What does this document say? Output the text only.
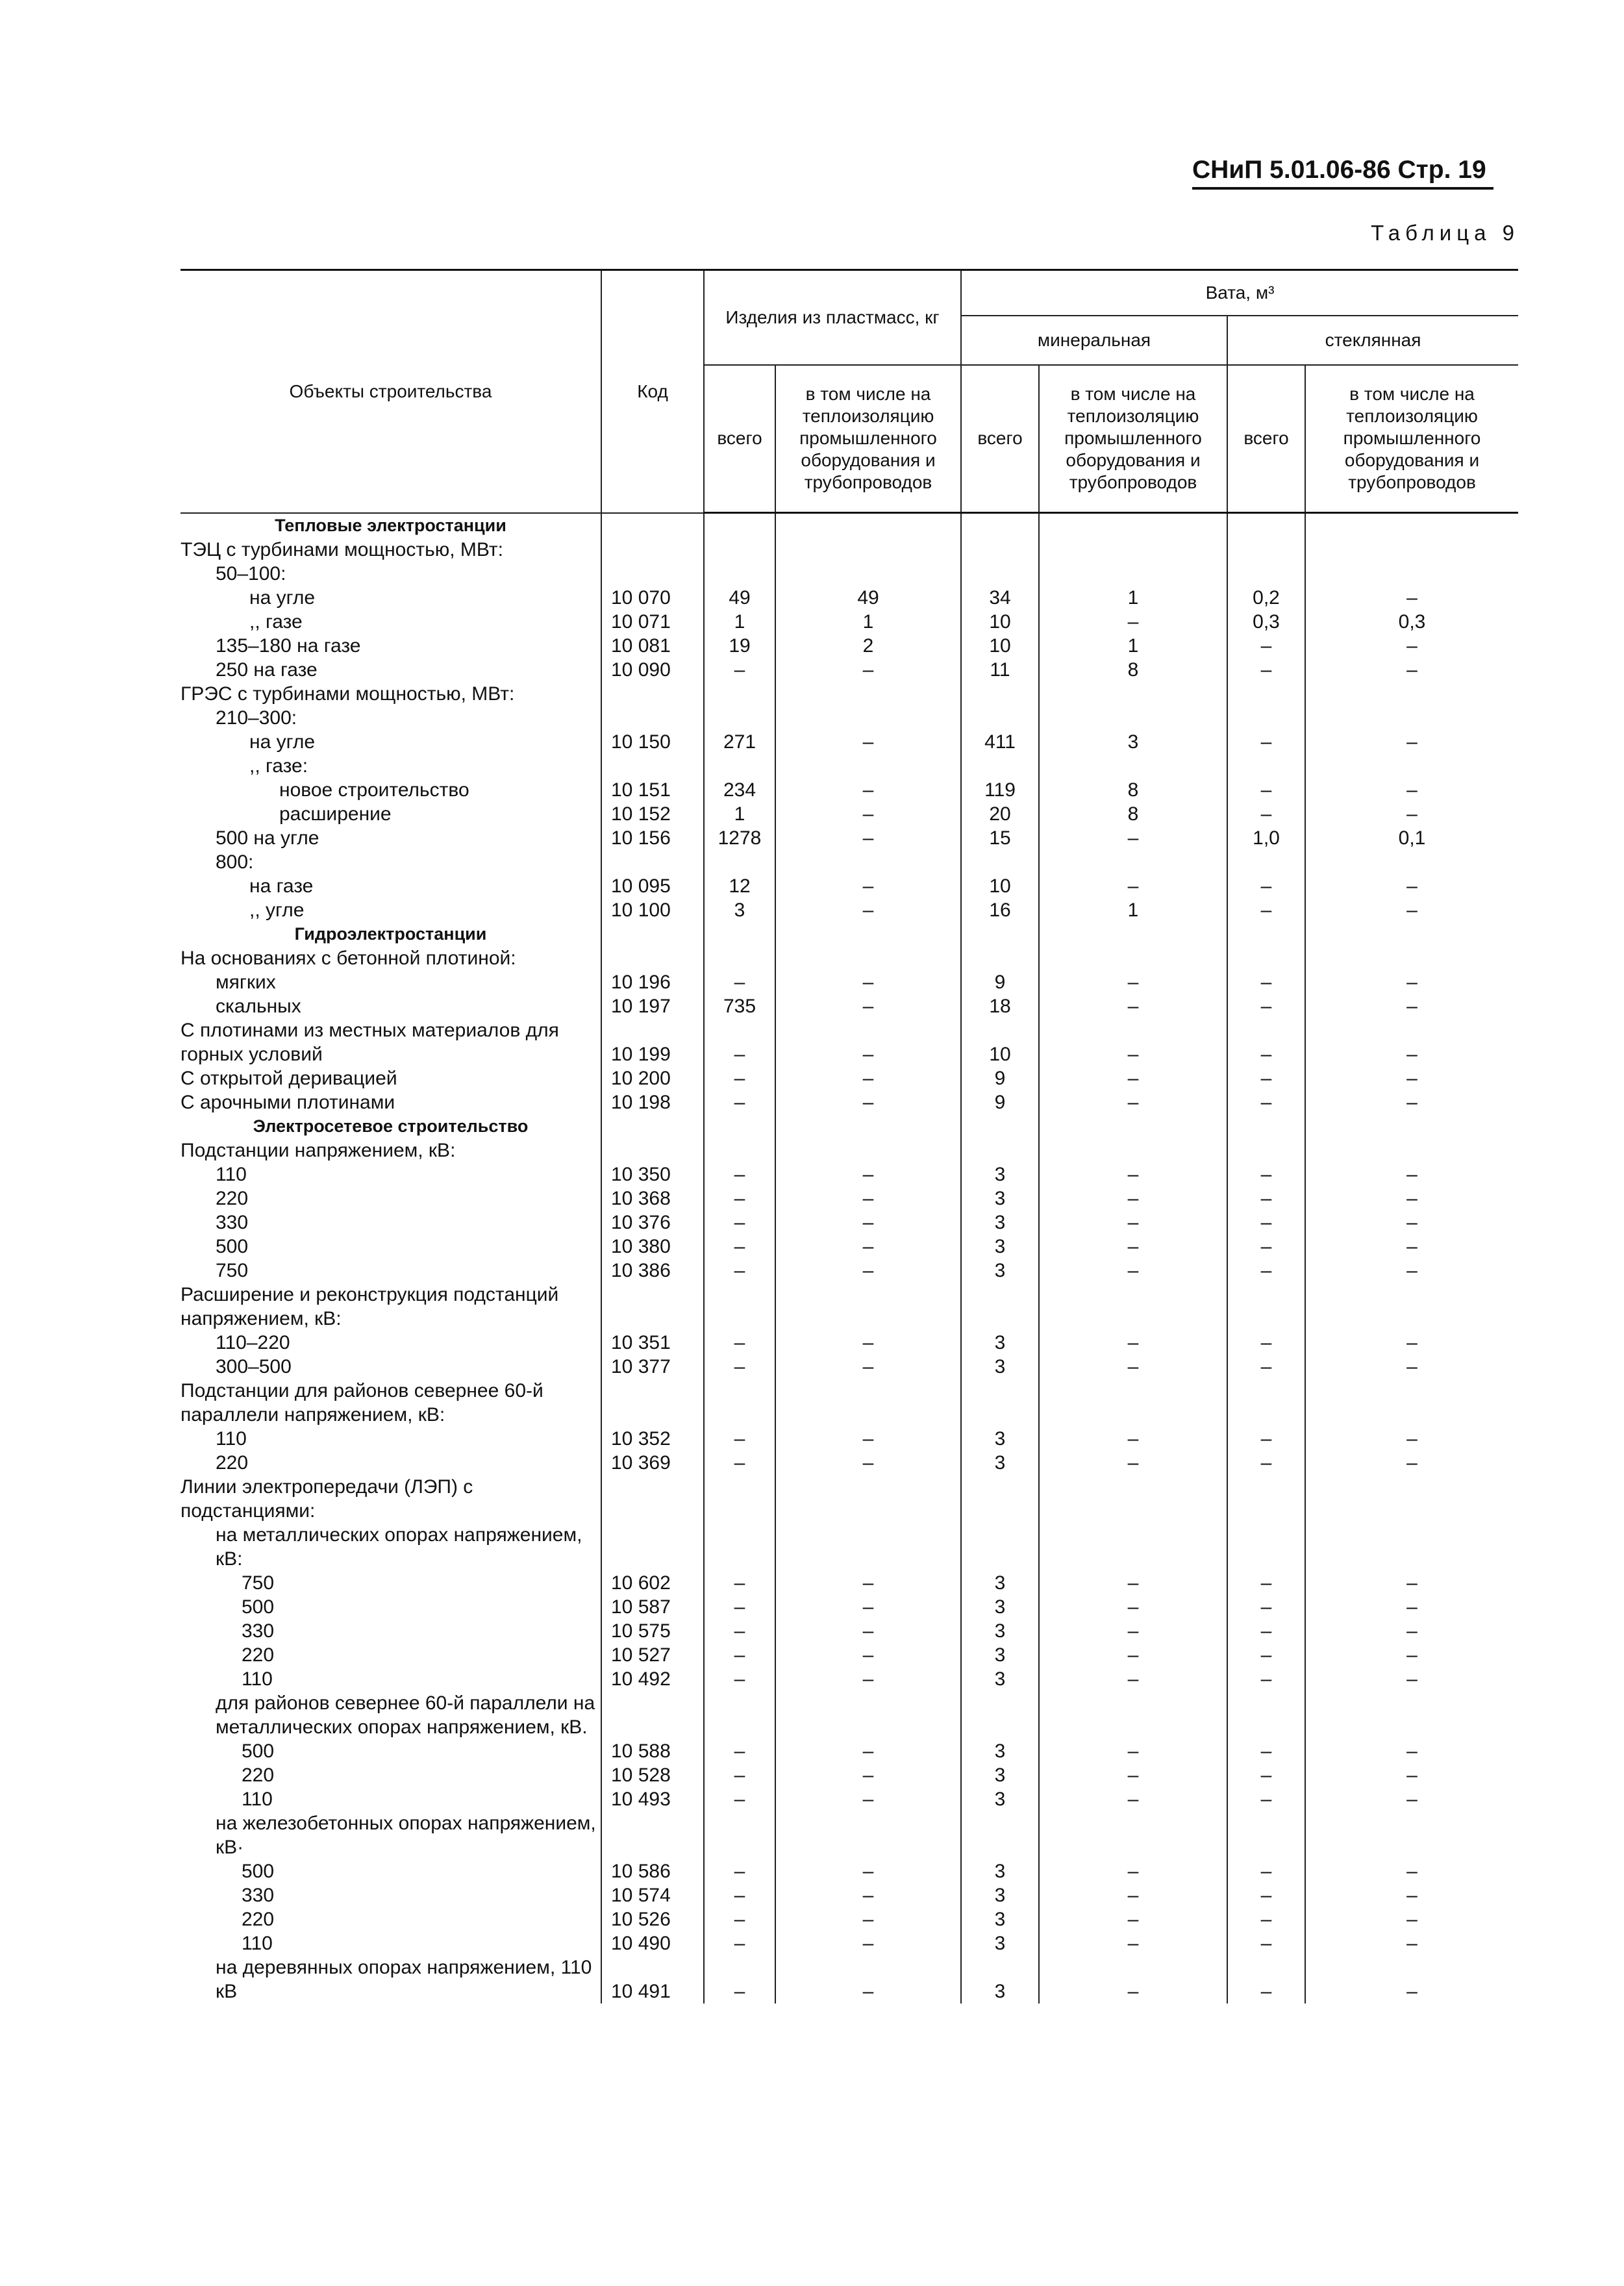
СНиП 5.01.06-86 Стр. 19
Таблица 9
Объекты строительства	Код	Изделия из пластмасс, кг		Вата, м³			
				минеральная		стеклянная	
		всего	в том числе на теплоизоляцию промышленного оборудования и трубопроводов	всего	в том числе на теплоизоляцию промышленного оборудования и трубопроводов	всего	в том числе на теплоизоляцию промышленного оборудования и трубопроводов
Тепловые электростанции							
ТЭЦ с турбинами мощностью, МВт:							
50–100:							
на угле	10 070	49	49	34	1	0,2	–
,, газе	10 071	1	1	10	–	0,3	0,3
135–180 на газе	10 081	19	2	10	1	–	–
250 на газе	10 090	–	–	11	8	–	–
ГРЭС с турбинами мощностью, МВт:							
210–300:							
на угле	10 150	271	–	411	3	–	–
,, газе:							
новое строительство	10 151	234	–	119	8	–	–
расширение	10 152	1	–	20	8	–	–
500 на угле	10 156	1278	–	15	–	1,0	0,1
800:							
на газе	10 095	12	–	10	–	–	–
,, угле	10 100	3	–	16	1	–	–
Гидроэлектростанции							
На основаниях с бетонной плотиной:							
мягких	10 196	–	–	9	–	–	–
скальных	10 197	735	–	18	–	–	–
С плотинами из местных материалов для горных условий	10 199	–	–	10	–	–	–
С открытой деривацией	10 200	–	–	9	–	–	–
С арочными плотинами	10 198	–	–	9	–	–	–
Электросетевое строительство							
Подстанции напряжением, кВ:							
110	10 350	–	–	3	–	–	–
220	10 368	–	–	3	–	–	–
330	10 376	–	–	3	–	–	–
500	10 380	–	–	3	–	–	–
750	10 386	–	–	3	–	–	–
Расширение и реконструкция подстанций напряжением, кВ:							
110–220	10 351	–	–	3	–	–	–
300–500	10 377	–	–	3	–	–	–
Подстанции для районов севернее 60-й параллели напряжением, кВ:							
110	10 352	–	–	3	–	–	–
220	10 369	–	–	3	–	–	–
Линии электропередачи (ЛЭП) с подстанциями:							
на металлических опорах напряжением, кВ:							
750	10 602	–	–	3	–	–	–
500	10 587	–	–	3	–	–	–
330	10 575	–	–	3	–	–	–
220	10 527	–	–	3	–	–	–
110	10 492	–	–	3	–	–	–
для районов севернее 60-й параллели на металлических опорах напряжением, кВ.							
500	10 588	–	–	3	–	–	–
220	10 528	–	–	3	–	–	–
110	10 493	–	–	3	–	–	–
на железобетонных опорах напряжением, кВ·							
500	10 586	–	–	3	–	–	–
330	10 574	–	–	3	–	–	–
220	10 526	–	–	3	–	–	–
110	10 490	–	–	3	–	–	–
на деревянных опорах напряжением, 110 кВ	10 491	–	–	3	–	–	–
